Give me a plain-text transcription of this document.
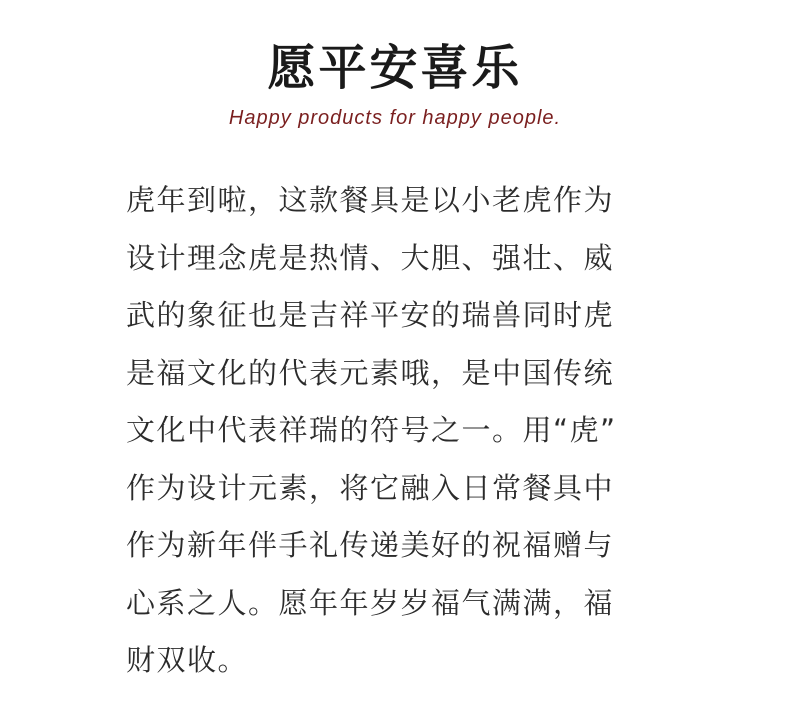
愿平安喜乐
Happy products for happy people.
虎年到啦，这款餐具是以小老虎作为
设计理念虎是热情、大胆、强壮、威
武的象征也是吉祥平安的瑞兽同时虎
是福文化的代表元素哦，是中国传统
文化中代表祥瑞的符号之一。用“虎”
作为设计元素，将它融入日常餐具中
作为新年伴手礼传递美好的祝福赠与
心系之人。愿年年岁岁福气满满，福
财双收。
